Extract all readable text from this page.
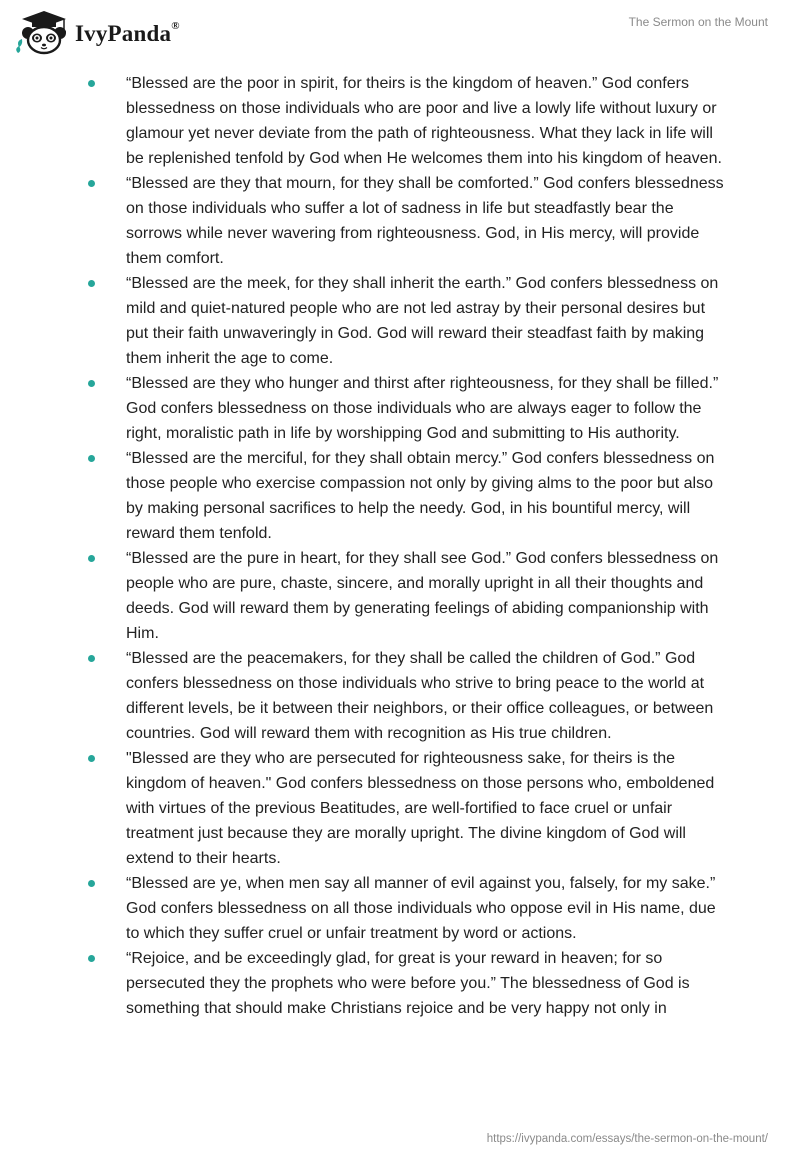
IvyPanda®	The Sermon on the Mount
“Blessed are the poor in spirit, for theirs is the kingdom of heaven.” God confers blessedness on those individuals who are poor and live a lowly life without luxury or glamour yet never deviate from the path of righteousness. What they lack in life will be replenished tenfold by God when He welcomes them into his kingdom of heaven.
“Blessed are they that mourn, for they shall be comforted.” God confers blessedness on those individuals who suffer a lot of sadness in life but steadfastly bear the sorrows while never wavering from righteousness. God, in His mercy, will provide them comfort.
“Blessed are the meek, for they shall inherit the earth.” God confers blessedness on mild and quiet-natured people who are not led astray by their personal desires but put their faith unwaveringly in God. God will reward their steadfast faith by making them inherit the age to come.
“Blessed are they who hunger and thirst after righteousness, for they shall be filled.” God confers blessedness on those individuals who are always eager to follow the right, moralistic path in life by worshipping God and submitting to His authority.
“Blessed are the merciful, for they shall obtain mercy.” God confers blessedness on those people who exercise compassion not only by giving alms to the poor but also by making personal sacrifices to help the needy. God, in his bountiful mercy, will reward them tenfold.
“Blessed are the pure in heart, for they shall see God.” God confers blessedness on people who are pure, chaste, sincere, and morally upright in all their thoughts and deeds. God will reward them by generating feelings of abiding companionship with Him.
“Blessed are the peacemakers, for they shall be called the children of God.” God confers blessedness on those individuals who strive to bring peace to the world at different levels, be it between their neighbors, or their office colleagues, or between countries. God will reward them with recognition as His true children.
"Blessed are they who are persecuted for righteousness sake, for theirs is the kingdom of heaven." God confers blessedness on those persons who, emboldened with virtues of the previous Beatitudes, are well-fortified to face cruel or unfair treatment just because they are morally upright. The divine kingdom of God will extend to their hearts.
“Blessed are ye, when men say all manner of evil against you, falsely, for my sake.” God confers blessedness on all those individuals who oppose evil in His name, due to which they suffer cruel or unfair treatment by word or actions.
“Rejoice, and be exceedingly glad, for great is your reward in heaven; for so persecuted they the prophets who were before you.” The blessedness of God is something that should make Christians rejoice and be very happy not only in
https://ivypanda.com/essays/the-sermon-on-the-mount/
